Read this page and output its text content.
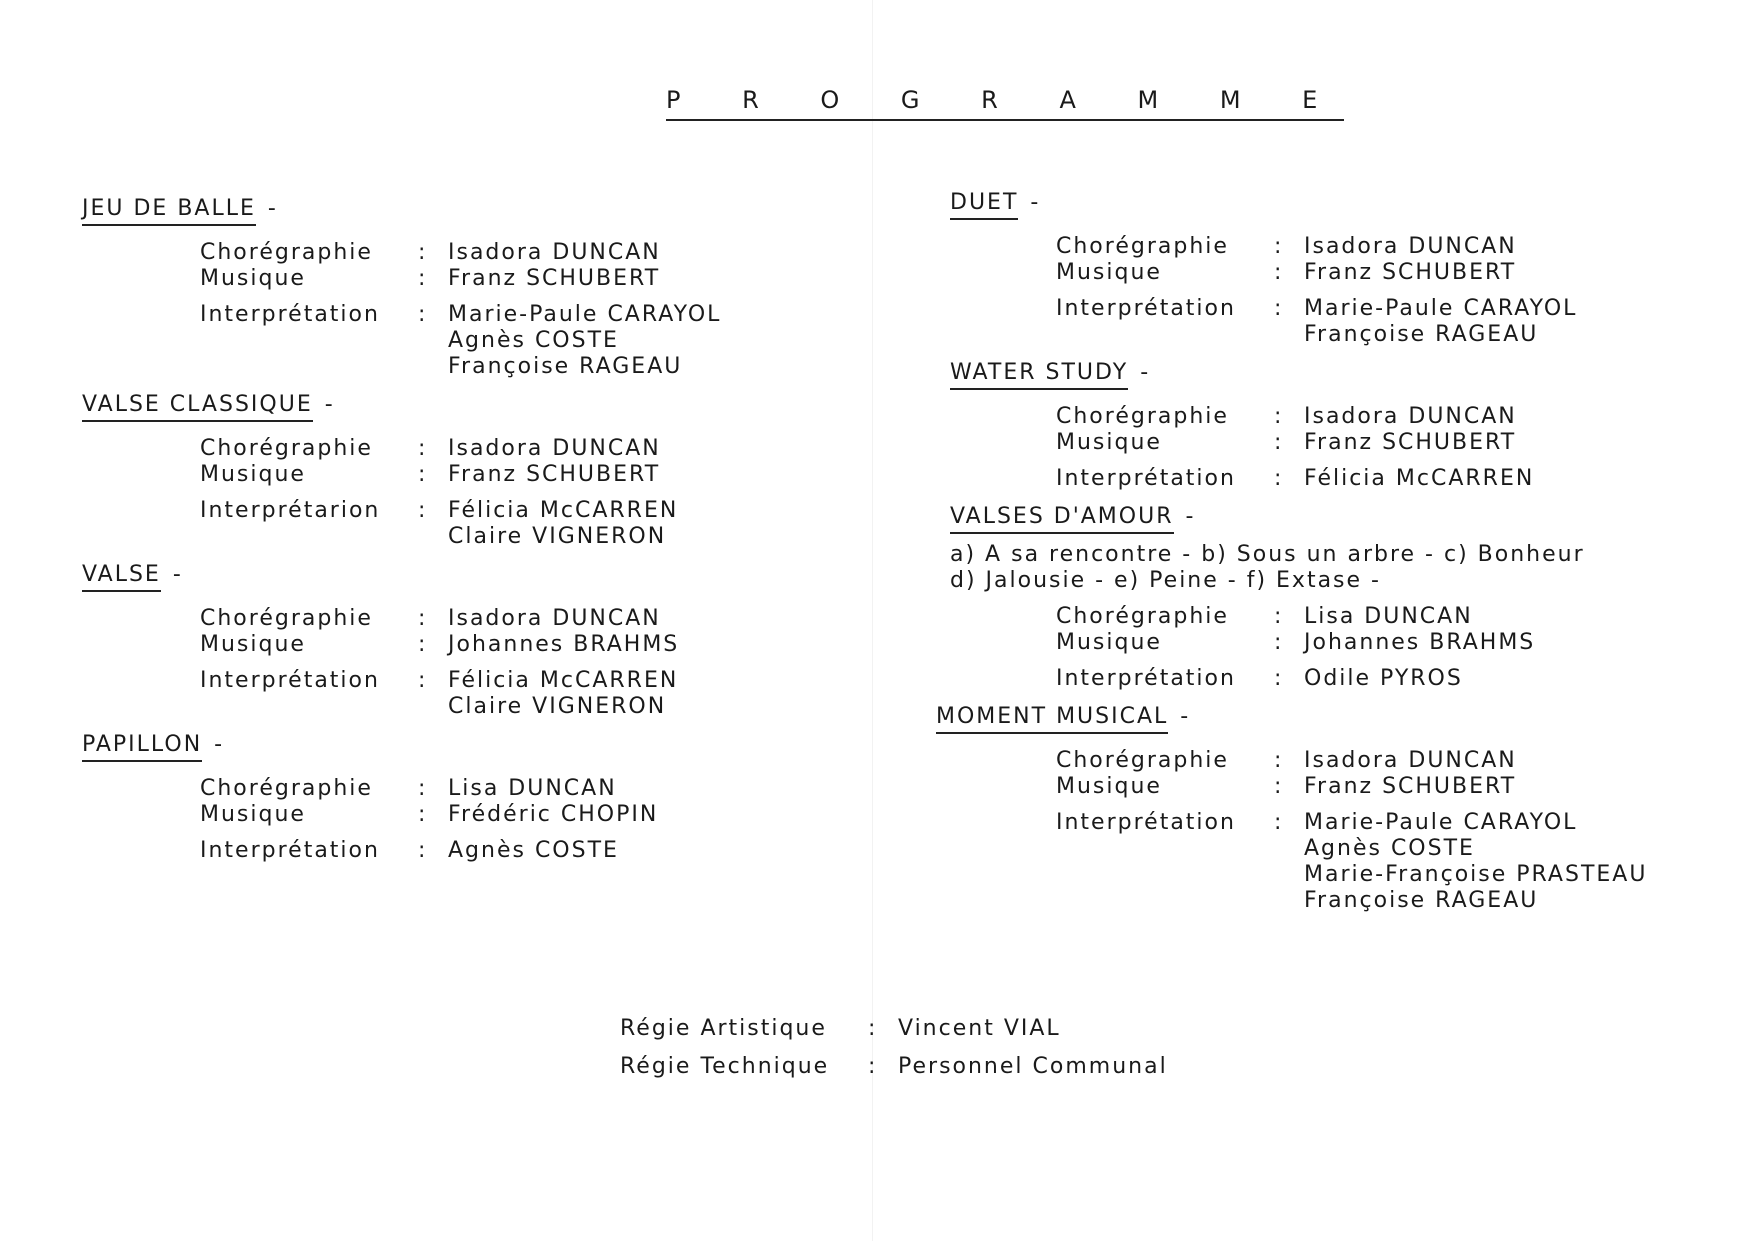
P R O G R A M M E
JEU DE BALLE -
Chorégraphie	: Isadora DUNCAN
Musique	: Franz SCHUBERT
Interprétation	: Marie-Paule CARAYOL
Agnès COSTE
Françoise RAGEAU
VALSE CLASSIQUE -
Chorégraphie	: Isadora DUNCAN
Musique	: Franz SCHUBERT
Interprétarion	: Félicia McCARREN
Claire VIGNERON
VALSE -
Chorégraphie	: Isadora DUNCAN
Musique	: Johannes BRAHMS
Interprétation	: Félicia McCARREN
Claire VIGNERON
PAPILLON -
Chorégraphie	: Lisa DUNCAN
Musique	: Frédéric CHOPIN
Interprétation	: Agnès COSTE
DUET -
Chorégraphie	: Isadora DUNCAN
Musique	: Franz SCHUBERT
Interprétation	: Marie-Paule CARAYOL
Françoise RAGEAU
WATER STUDY -
Chorégraphie	: Isadora DUNCAN
Musique	: Franz SCHUBERT
Interprétation	: Félicia McCARREN
VALSES D'AMOUR -
a) A sa rencontre - b) Sous un arbre - c) Bonheur
d) Jalousie - e) Peine - f) Extase -
Chorégraphie	: Lisa DUNCAN
Musique	: Johannes BRAHMS
Interprétation	: Odile PYROS
MOMENT MUSICAL -
Chorégraphie	: Isadora DUNCAN
Musique	: Franz SCHUBERT
Interprétation	: Marie-Paule CARAYOL
Agnès COSTE
Marie-Françoise PRASTEAU
Françoise RAGEAU
Régie Artistique	: Vincent VIAL
Régie Technique	: Personnel Communal
